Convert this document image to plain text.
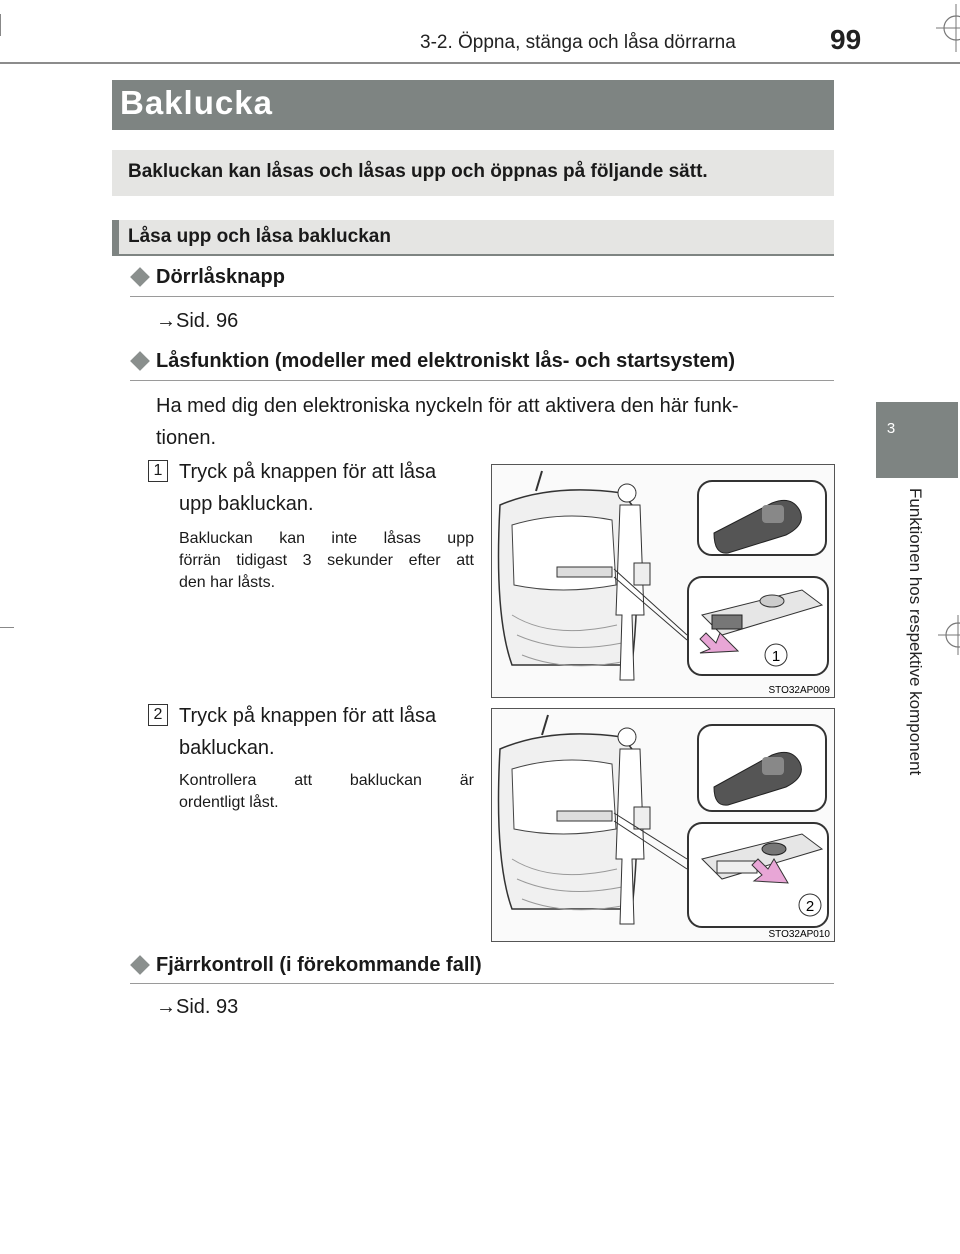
3-2. Öppna, stänga och låsa dörrarna	99
3
Funktionen hos respektive komponent
Baklucka
Bakluckan kan låsas och låsas upp och öppnas på följande sätt.
Låsa upp och låsa bakluckan
Dörrlåsknapp
→Sid. 96
Låsfunktion (modeller med elektroniskt lås- och startsystem)
Ha med dig den elektroniska nyckeln för att aktivera den här funk-
tionen.
1 Tryck på knappen för att låsa
upp bakluckan.
Bakluckan kan inte låsas upp
förrän tidigast 3 sekunder efter att
den har låsts.
1
STO32AP009
2 Tryck på knappen för att låsa
bakluckan.
Kontrollera att bakluckan är
ordentligt låst.
2
STO32AP010
Fjärrkontroll (i förekommande fall)
→Sid. 93
